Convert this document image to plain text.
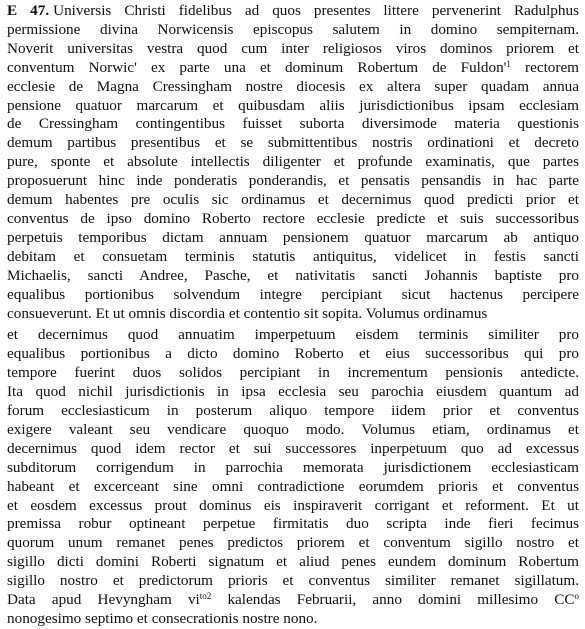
E 47. Universis Christi fidelibus ad quos presentes littere pervenerint Radulphus
permissione divina Norwicensis episcopus salutem in domino sempiternam.
Noverit universitas vestra quod cum inter religiosos viros dominos priorem et
conventum Norwic' ex parte una et dominum Robertum de $Fuldon'^1$ rectorem
ecclesie de Magna Cressingham nostre diocesis ex altera super quadam annua
pensione quatuor marcarum et quibusdam aliis jurisdictionibus ipsam ecclesiam
de Cressingham contingentibus fuisset suborta diversimode materia questionis
demum partibus presentibus et se submittentibus nostris ordinationi et decreto
pure, sponte et absolute intellectis diligenter et profunde examinatis, que partes
proposuerunt hinc inde ponderatis ponderandis, et pensatis pensandis in hac parte
demum habentes pre oculis sic ordinamus et decernimus quod predicti prior et
conventus de ipso domino Roberto rectore ecclesie predicte et suis successoribus
perpetuis temporibus dictam annuam pensionem quatuor marcarum ab antiquo
debitam et consuetam terminis statutis antiquitus, videlicet in festis sancti
Michaelis, sancti Andree, Pasche, et nativitatis sancti Johannis baptiste pro
equalibus portionibus solvendum integre percipiant sicut hactenus percipere
consueverunt. Et ut omnis discordia et contentio sit sopita. Volumus ordinamus
et decernimus quod annuatim imperpetuum eisdem terminis similiter pro
equalibus portionibus a dicto domino Roberto et eius successoribus qui pro
tempore fuerint duos solidos percipiant in incrementum pensionis antedicte.
Ita quod nichil jurisdictionis in ipsa ecclesia seu parochia eiusdem quantum ad
forum ecclesiasticum in posterum aliquo tempore iidem prior et conventus
exigere valeant seu vendicare quoquo modo. Volumus etiam, ordinamus et
decernimus quod idem rector et sui successores inperpetuum quo ad excessus
subditorum corrigendum in parrochia memorata jurisdictionem ecclesiasticam
habeant et excerceant sine omni contradictione eorumdem prioris et conventus
et eosdem excessus prout dominus eis inspiraverit corrigant et reforment. Et ut
premissa robur optineant perpetue firmitatis duo scripta inde fieri fecimus
quorum unum remanet penes predictos priorem et conventum sigillo nostro et
sigillo dicti domini Roberti signatum et aliud penes eundem dominum Robertum
sigillo nostro et predictorum prioris et conventus similiter remanet sigillatum.
Data apud Hevyngham $vi^{to2}$ kalendas Februarii, anno domini millesimo $CC^o$
nonogesimo septimo et consecrationis nostre nono.
